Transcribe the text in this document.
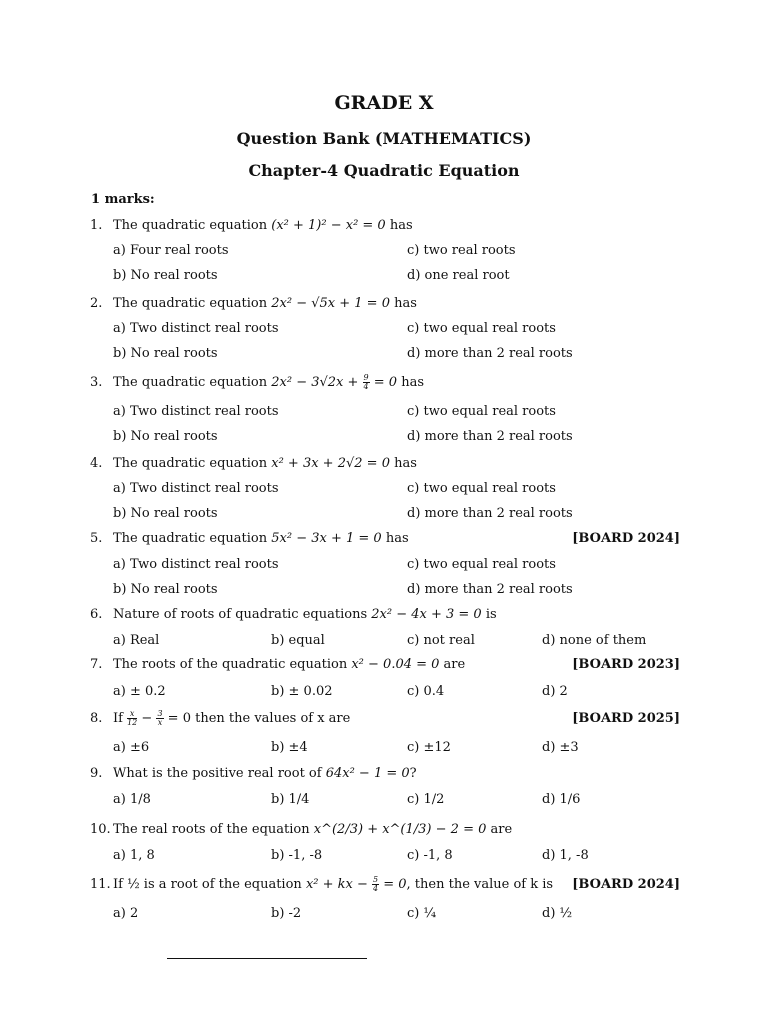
GRADE X
Question Bank (MATHEMATICS)
Chapter-4 Quadratic Equation
1 marks:
1. The quadratic equation (x² + 1)² − x² = 0 has
a) Four real roots	c) two real roots
b) No real roots	d) one real root
2. The quadratic equation 2x² − √5x + 1 = 0 has
a) Two distinct real roots	c) two equal real roots
b) No real roots	d) more than 2 real roots
3. The quadratic equation $2x^2 - 3√2x + \frac{9}{4} = 0$ has
a) Two distinct real roots	c) two equal real roots
b) No real roots	d) more than 2 real roots
4. The quadratic equation x² + 3x + 2√2 = 0 has
a) Two distinct real roots	c) two equal real roots
b) No real roots	d) more than 2 real roots
5. The quadratic equation 5x² − 3x + 1 = 0 has	[BOARD 2024]
a) Two distinct real roots	c) two equal real roots
b) No real roots	d) more than 2 real roots
6. Nature of roots of quadratic equations 2x² − 4x + 3 = 0 is
a) Real	b) equal	c) not real	d) none of them
7. The roots of the quadratic equation x² − 0.04 = 0 are	[BOARD 2023]
a) ± 0.2	b) ± 0.02	c) 0.4	d) 2
8. If $\frac{x}{12} - \frac{3}{x} = 0$ then the values of x are	[BOARD 2025]
a) ±6	b) ±4	c) ±12	d) ±3
9. What is the positive real root of 64x² − 1 = 0?
a) 1/8	b) 1/4	c) 1/2	d) 1/6
10. The real roots of the equation x^(2/3) + x^(1/3) − 2 = 0 are
a) 1, 8	b) -1, -8	c) -1, 8	d) 1, -8
11. If ½ is a root of the equation x² + kx − $\frac{5}{4} = 0$, then the value of k is [BOARD 2024]
a) 2	b) -2	c) ¼	d) ½
